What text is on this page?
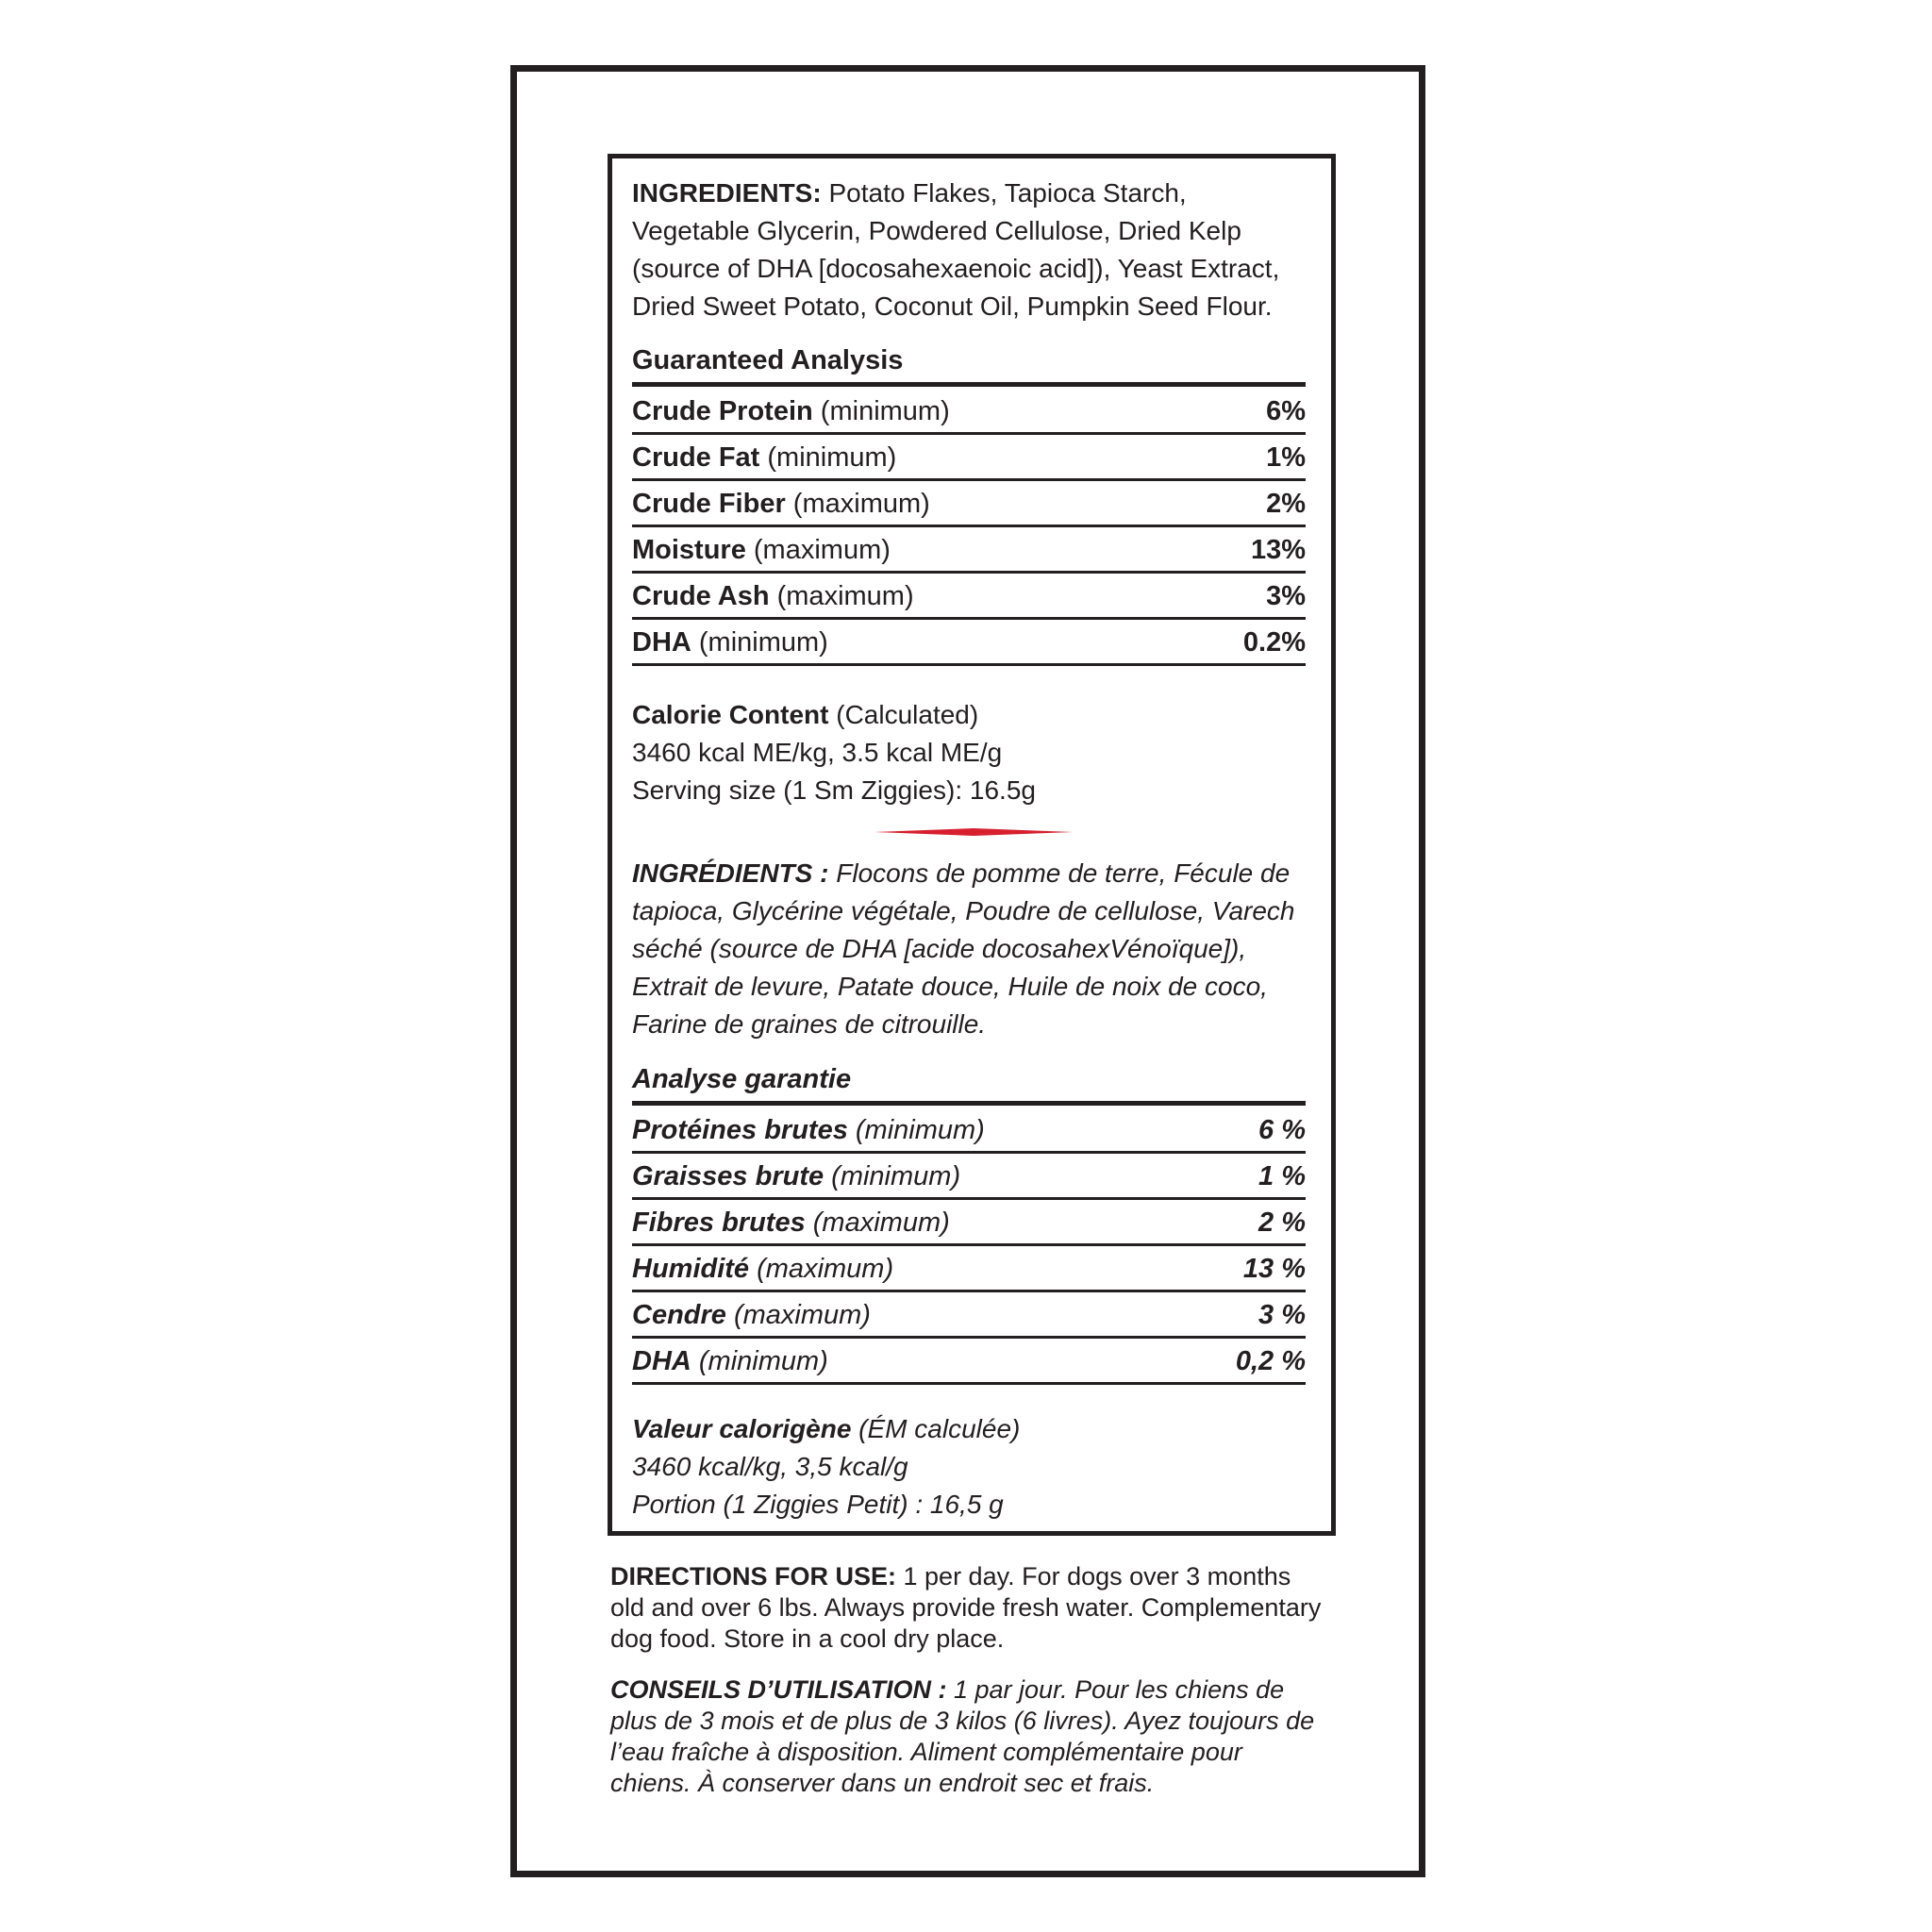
INGREDIENTS: Potato Flakes, Tapioca Starch, Vegetable Glycerin, Powdered Cellulose, Dried Kelp (source of DHA [docosahexaenoic acid]), Yeast Extract, Dried Sweet Potato, Coconut Oil, Pumpkin Seed Flour.
Guaranteed Analysis
Crude Protein (minimum)	6%
Crude Fat (minimum)	1%
Crude Fiber (maximum)	2%
Moisture (maximum)	13%
Crude Ash (maximum)	3%
DHA (minimum)	0.2%
Calorie Content (Calculated)
3460 kcal ME/kg, 3.5 kcal ME/g
Serving size (1 Sm Ziggies): 16.5g
INGRÉDIENTS : Flocons de pomme de terre, Fécule de tapioca, Glycérine végétale, Poudre de cellulose, Varech séché (source de DHA [acide docosahexVénoïque]), Extrait de levure, Patate douce, Huile de noix de coco, Farine de graines de citrouille.
Analyse garantie
Protéines brutes (minimum)	6 %
Graisses brute (minimum)	1 %
Fibres brutes (maximum)	2 %
Humidité (maximum)	13 %
Cendre (maximum)	3 %
DHA (minimum)	0,2 %
Valeur calorigène (ÉM calculée)
3460 kcal/kg, 3,5 kcal/g
Portion (1 Ziggies Petit) : 16,5 g
DIRECTIONS FOR USE: 1 per day. For dogs over 3 months old and over 6 lbs. Always provide fresh water. Complementary dog food. Store in a cool dry place.
CONSEILS D’UTILISATION : 1 par jour. Pour les chiens de plus de 3 mois et de plus de 3 kilos (6 livres). Ayez toujours de l’eau fraîche à disposition. Aliment complémentaire pour chiens. À conserver dans un endroit sec et frais.
